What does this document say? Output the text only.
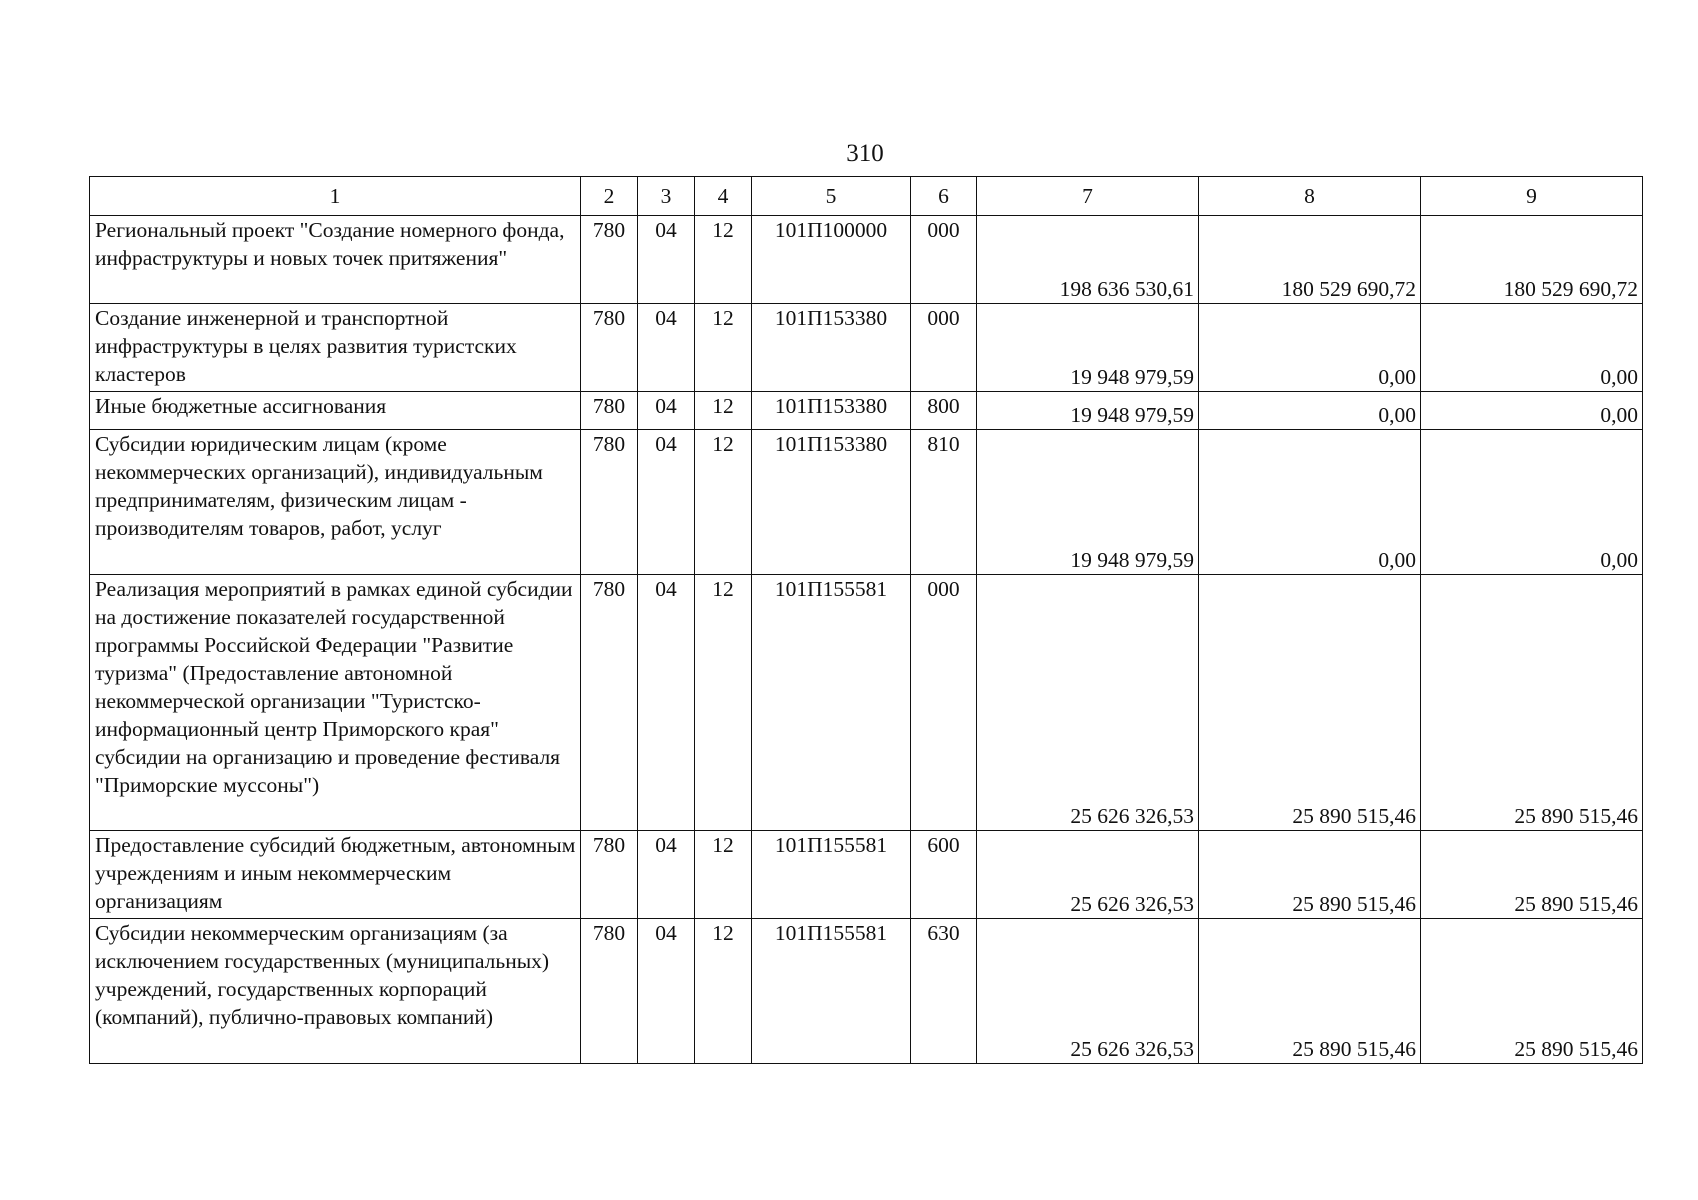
310
1	2	3	4	5	6	7	8	9
Региональный проект "Создание номерного фонда, инфраструктуры и новых точек притяжения"	780	04	12	101П100000	000	198 636 530,61	180 529 690,72	180 529 690,72
Создание инженерной и транспортной инфраструктуры в целях развития туристских кластеров	780	04	12	101П153380	000	19 948 979,59	0,00	0,00
Иные бюджетные ассигнования	780	04	12	101П153380	800	19 948 979,59	0,00	0,00
Субсидии юридическим лицам (кроме некоммерческих организаций), индивидуальным предпринимателям, физическим лицам - производителям товаров, работ, услуг	780	04	12	101П153380	810	19 948 979,59	0,00	0,00
Реализация мероприятий в рамках единой субсидии на достижение показателей государственной программы Российской Федерации "Развитие туризма" (Предоставление автономной некоммерческой организации "Туристско-информационный центр Приморского края" субсидии на организацию и проведение фестиваля "Приморские муссоны")	780	04	12	101П155581	000	25 626 326,53	25 890 515,46	25 890 515,46
Предоставление субсидий бюджетным, автономным учреждениям и иным некоммерческим организациям	780	04	12	101П155581	600	25 626 326,53	25 890 515,46	25 890 515,46
Субсидии некоммерческим организациям (за исключением государственных (муниципальных) учреждений, государственных корпораций (компаний), публично-правовых компаний)	780	04	12	101П155581	630	25 626 326,53	25 890 515,46	25 890 515,46
